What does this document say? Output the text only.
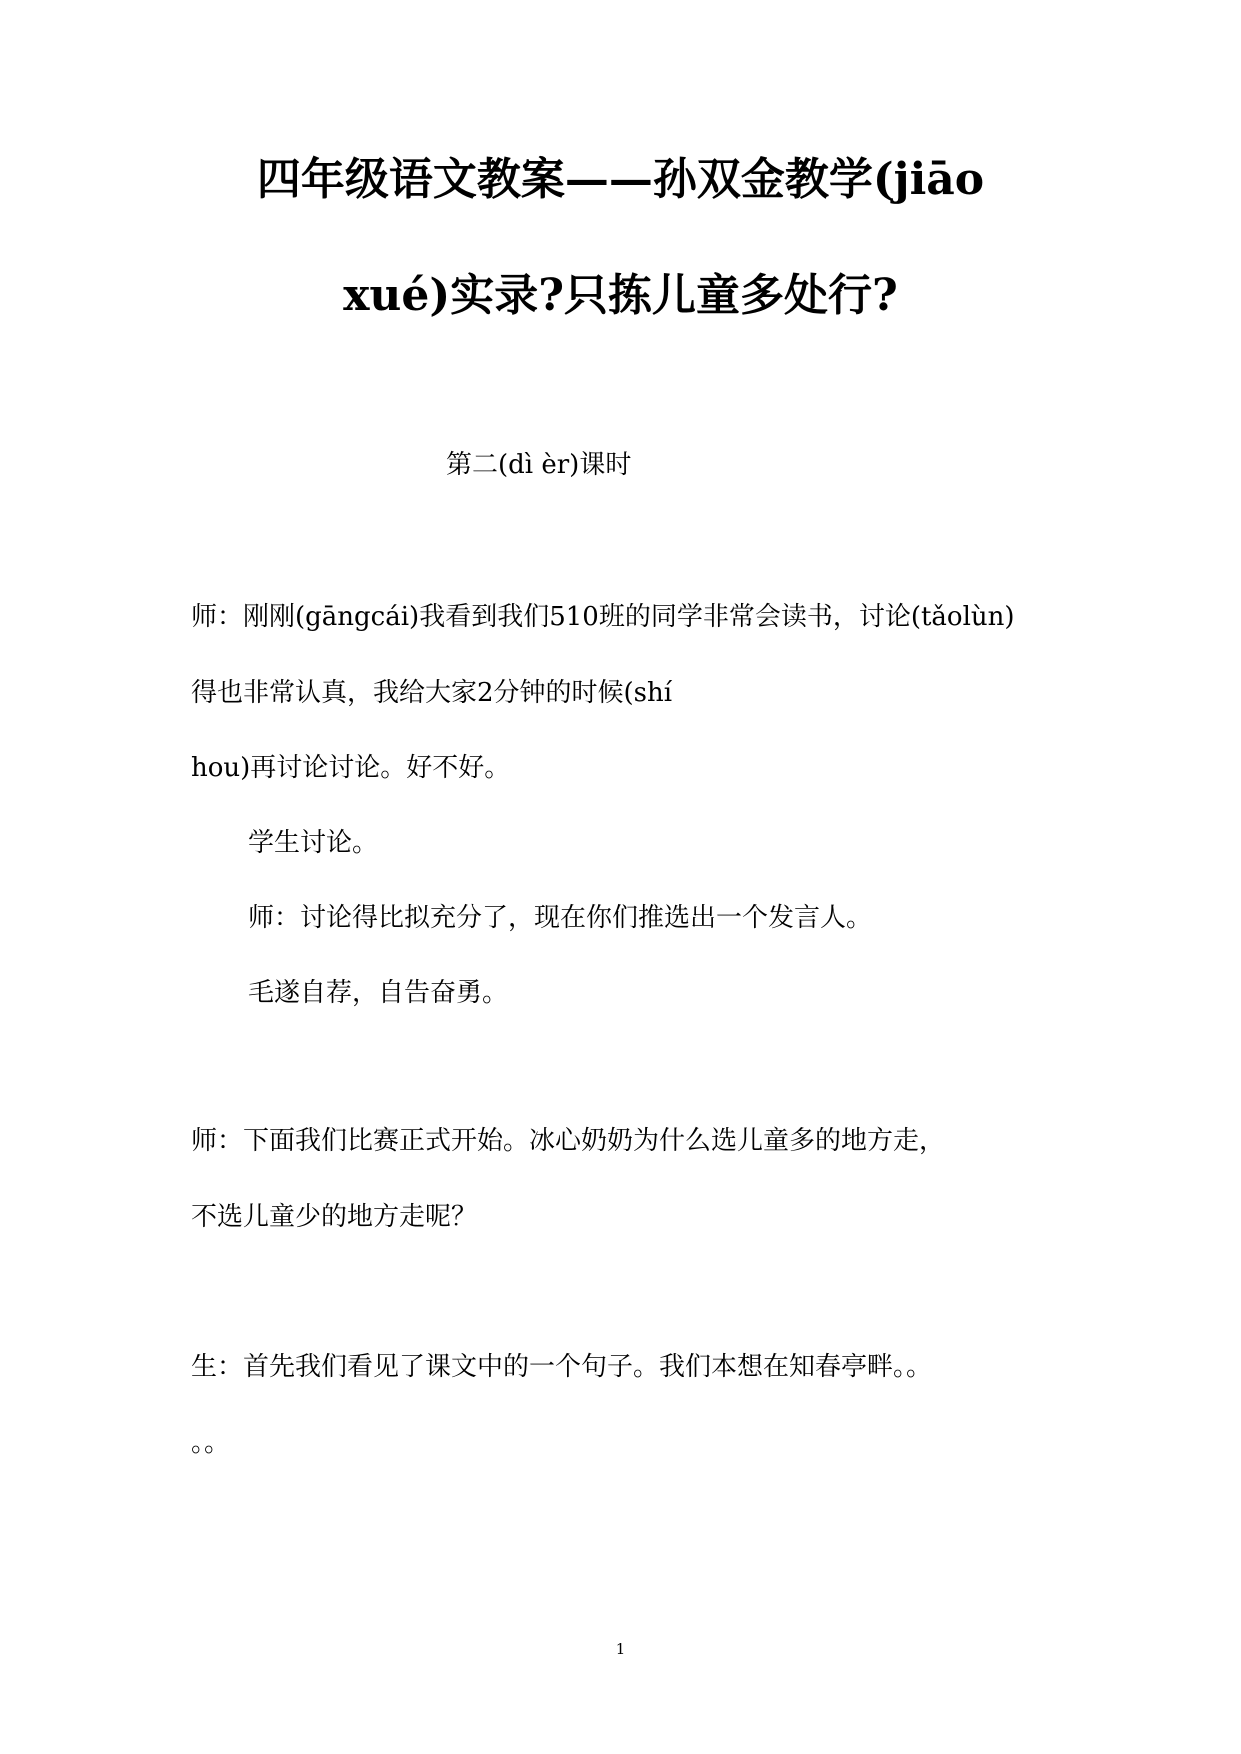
四年级语文教案——孙双金教学(jiāo
xué)实录?只拣儿童多处行?
第二(dì èr)课时
师：刚刚(gāngcái)我看到我们510班的同学非常会读书，讨论(tǎolùn)
得也非常认真，我给大家2分钟的时候(shí
hou)再讨论讨论。好不好。
学生讨论。
师：讨论得比拟充分了，现在你们推选出一个发言人。
毛遂自荐，自告奋勇。
师：下面我们比赛正式开始。冰心奶奶为什么选儿童多的地方走，
不选儿童少的地方走呢？
生：首先我们看见了课文中的一个句子。我们本想在知春亭畔。。
。。
1
